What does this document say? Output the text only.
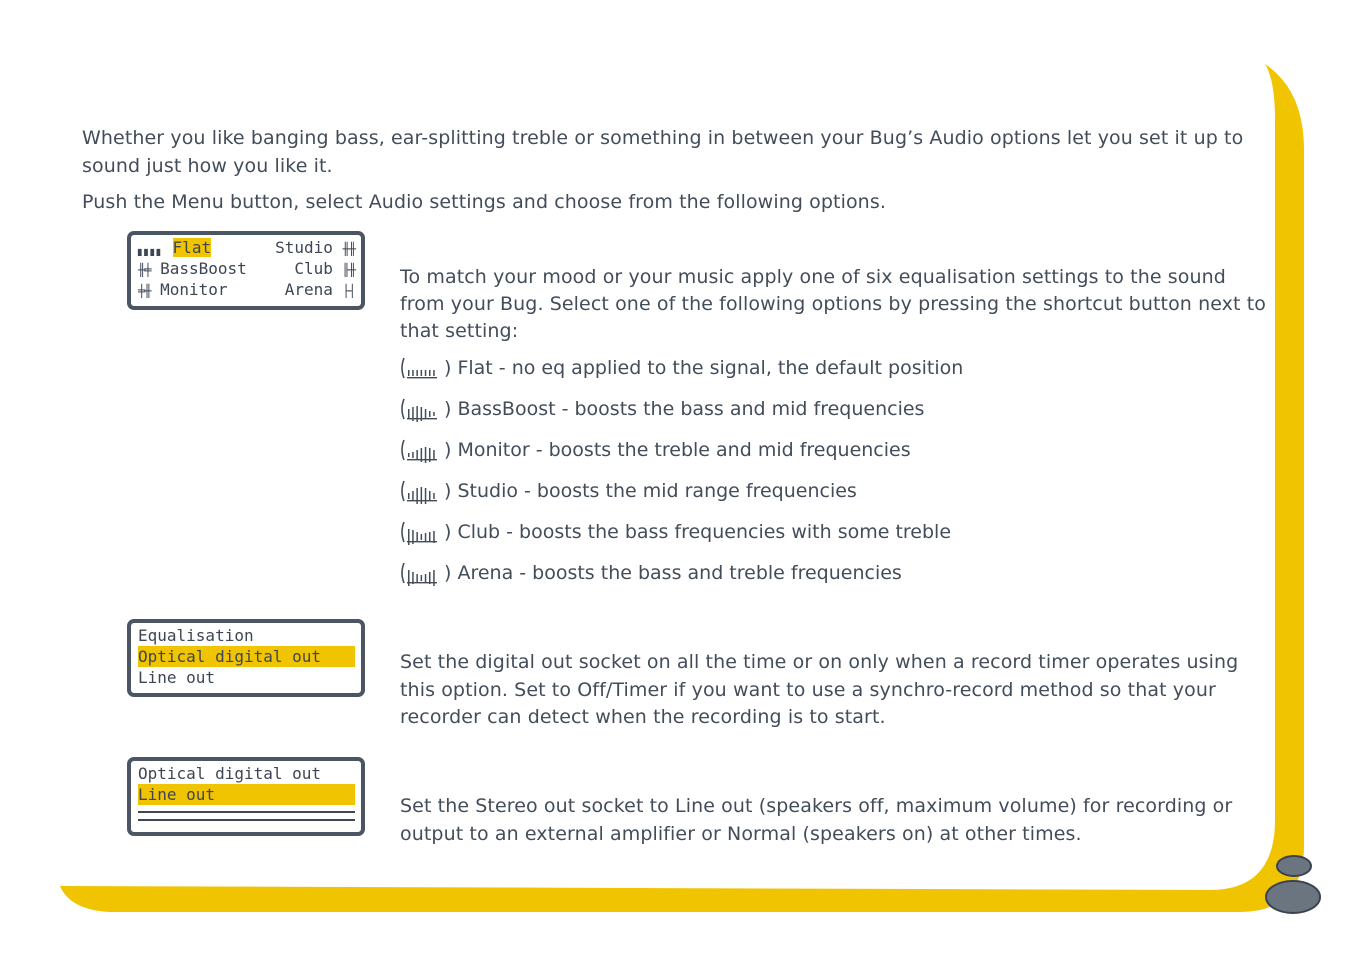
Whether you like banging bass, ear-splitting treble or something in between your Bug’s Audio options let you set it up to sound just how you like it.

Push the Menu button, select Audio settings and choose from the following options.

▖▖▖▖ Flat	Studio ╫╫
╫╪ BassBoost	Club ╟╫
╪╫ Monitor	Arena ├┤

To match your mood or your music apply one of six equalisation settings to the sound from your Bug. Select one of the following options by pressing the shortcut button next to that setting:

) Flat - no eq applied to the signal, the default position
) BassBoost - boosts the bass and mid frequencies
) Monitor - boosts the treble and mid frequencies
) Studio - boosts the mid range frequencies
) Club - boosts the bass frequencies with some treble
) Arena - boosts the bass and treble frequencies
Equalisation
Optical digital out
Line out

Set the digital out socket on all the time or on only when a record timer operates using this option. Set to Off/Timer if you want to use a synchro-record method so that your recorder can detect when the recording is to start.

Optical digital out
Line out

Set the Stereo out socket to Line out (speakers off, maximum volume) for recording or output to an external amplifier or Normal (speakers on) at other times.
